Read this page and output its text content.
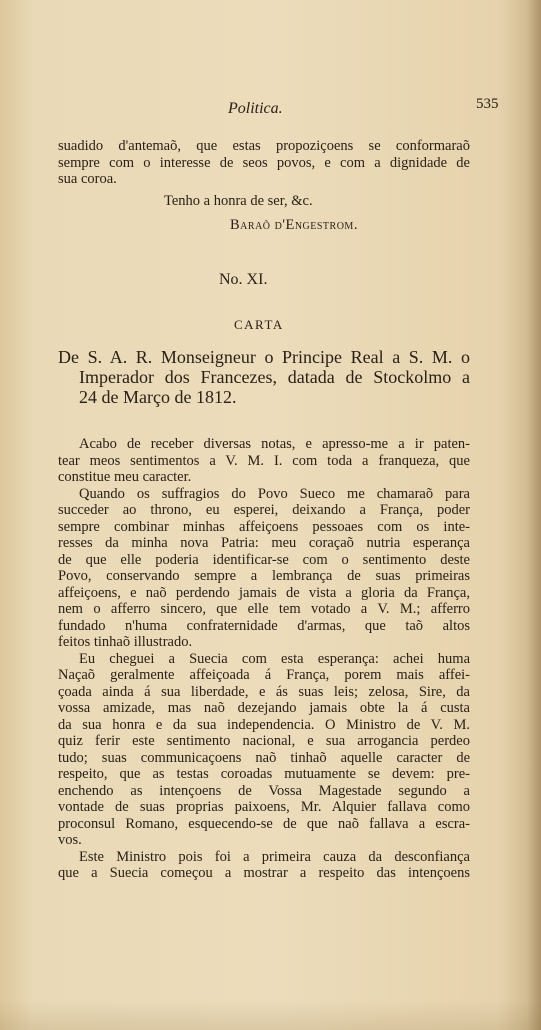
Politica.	535
suadido d'antemaõ, que estas propoziçoens se conformaraõ
sempre com o interesse de seos povos, e com a dignidade de
sua coroa.
Tenho a honra de ser, &c.
Baraõ d'Engestrom.
No. XI.
CARTA
De S. A. R. Monseigneur o Principe Real a S. M. o
Imperador dos Francezes, datada de Stockolmo a
24 de Março de 1812.
Acabo de receber diversas notas, e apresso-me a ir paten-
tear meos sentimentos a V. M. I. com toda a franqueza, que
constitue meu caracter.
Quando os suffragios do Povo Sueco me chamaraõ para
succeder ao throno, eu esperei, deixando a França, poder
sempre combinar minhas affeiçoens pessoaes com os inte-
resses da minha nova Patria: meu coraçaõ nutria esperança
de que elle poderia identificar-se com o sentimento deste
Povo, conservando sempre a lembrança de suas primeiras
affeiçoens, e naõ perdendo jamais de vista a gloria da França,
nem o afferro sincero, que elle tem votado a V. M.; afferro
fundado n'huma confraternidade d'armas, que taõ altos
feitos tinhaõ illustrado.
Eu cheguei a Suecia com esta esperança: achei huma
Naçaõ geralmente affeiçoada á França, porem mais affei-
çoada ainda á sua liberdade, e ás suas leis; zelosa, Sire, da
vossa amizade, mas naõ dezejando jamais obte la á custa
da sua honra e da sua independencia. O Ministro de V. M.
quiz ferir este sentimento nacional, e sua arrogancia perdeo
tudo; suas communicaçoens naõ tinhaõ aquelle caracter de
respeito, que as testas coroadas mutuamente se devem: pre-
enchendo as intençoens de Vossa Magestade segundo a
vontade de suas proprias paixoens, Mr. Alquier fallava como
proconsul Romano, esquecendo-se de que naõ fallava a escra-
vos.
Este Ministro pois foi a primeira cauza da desconfiança
que a Suecia começou a mostrar a respeito das intençoens
